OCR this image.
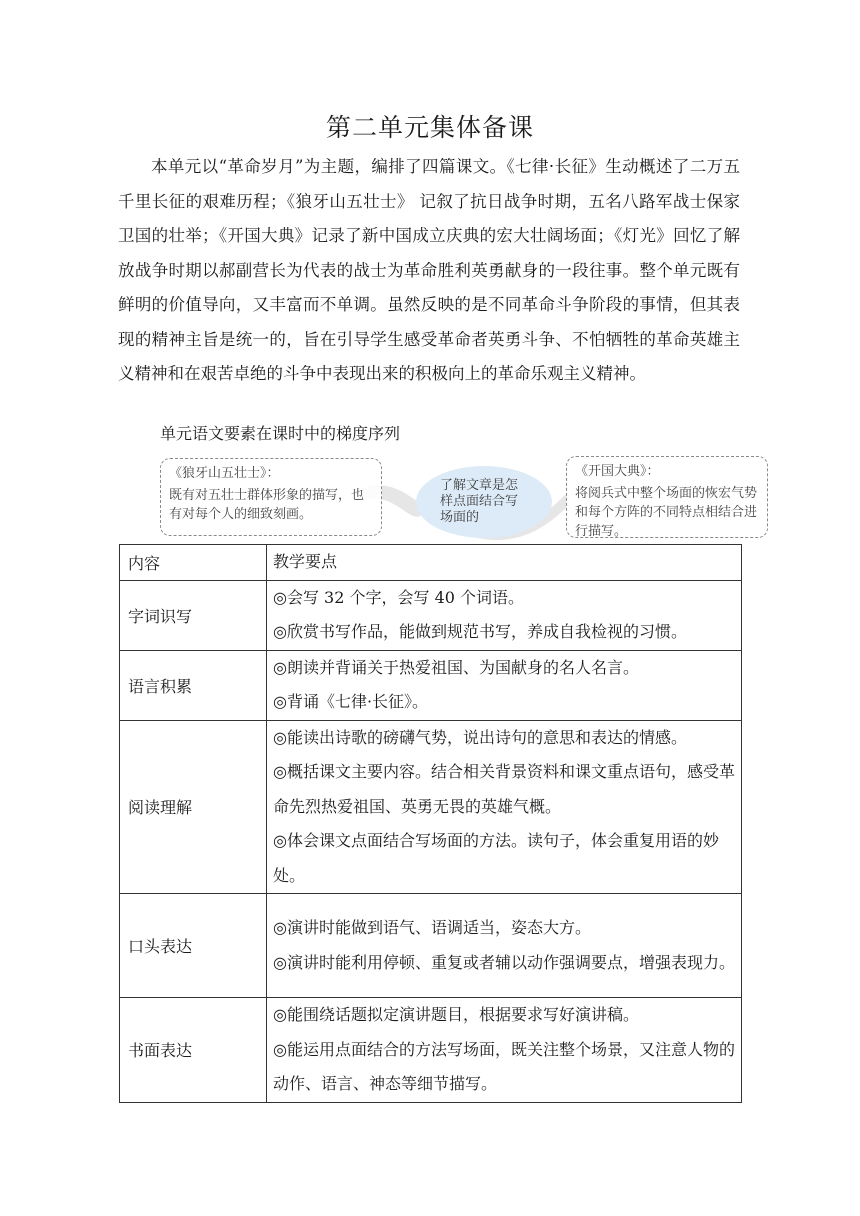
第二单元集体备课

本单元以“革命岁月”为主题，编排了四篇课文。《七律·长征》生动概述了二万五千里长征的艰难历程；《狼牙山五壮士》 记叙了抗日战争时期，五名八路军战士保家卫国的壮举；《开国大典》记录了新中国成立庆典的宏大壮阔场面；《灯光》回忆了解放战争时期以郝副营长为代表的战士为革命胜利英勇献身的一段往事。整个单元既有鲜明的价值导向，又丰富而不单调。虽然反映的是不同革命斗争阶段的事情，但其表现的精神主旨是统一的，旨在引导学生感受革命者英勇斗争、不怕牺牲的革命英雄主义精神和在艰苦卓绝的斗争中表现出来的积极向上的革命乐观主义精神。

单元语文要素在课时中的梯度序列
《狼牙山五壮士》：
既有对五壮士群体形象的描写，也有对每个人的细致刻画。
了解文章是怎样点面结合写场面的
《开国大典》：
将阅兵式中整个场面的恢宏气势和每个方阵的不同特点相结合进行描写。
内容	教学要点
字词识写	◎会写 32 个字，会写 40 个词语。
◎欣赏书写作品，能做到规范书写，养成自我检视的习惯。

语言积累	◎朗读并背诵关于热爱祖国、为国献身的名人名言。
◎背诵《七律·长征》。

阅读理解	◎能读出诗歌的磅礴气势，说出诗句的意思和表达的情感。
◎概括课文主要内容。结合相关背景资料和课文重点语句，感受革命先烈热爱祖国、英勇无畏的英雄气概。
◎体会课文点面结合写场面的方法。读句子，体会重复用语的妙处。

口头表达	◎演讲时能做到语气、语调适当，姿态大方。
◎演讲时能利用停顿、重复或者辅以动作强调要点，增强表现力。

书面表达	◎能围绕话题拟定演讲题目，根据要求写好演讲稿。
◎能运用点面结合的方法写场面，既关注整个场景，又注意人物的动作、语言、神态等细节描写。
